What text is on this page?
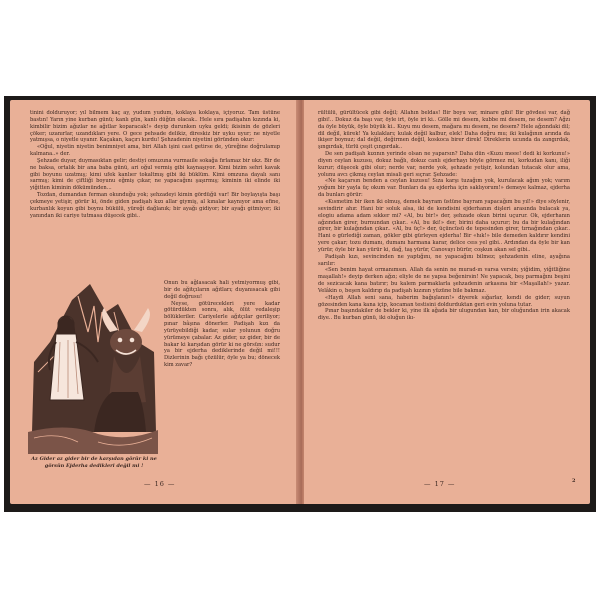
tinini dolduruyor; yıl bilmem kaç ay, yudum yudum, koklaya koklaya, içiyoruz. Tam üstüne bastın! Yarın yine kurban günü; kanlı gün, kanlı düğün olacak.. Hele sıra padişahın kızında ki, kimbilir bizim ağızlar ne ağıtlar koparacak!» deyip durunken uyku geldi; ikisinin de gözleri çöker; uzanırlar, uzandıkları yere. O gece pehsade delikiz, direskiz bir uyku uyur; ne niyetle yatmışsa, o niyetle uyanır. Kaçakan, kaçırı kurdu! Şehzadenin niyetini göründen okur:

«Oğul, niyetin niyetin benimniyet ama, biri Allah işini cast getirse de, yüreğine doğrulamıp kalmana..» der.

Şehzade duyar, duymasıktan gelir; destiyi omuzuna vurmaıile sokağa fırlamaz bir ukz. Bir de ne baksa, ortalık bir ana baba günü, ari oğul vermiş gibi kaynaşıyor. Kimi bizim sehri kavak gibi boyunu uzatmış; kimi ufek kanlıer tokaltmış gibi iki büklüm. Kimi omzuna dayalı sanı sarmış; kimi de çiftliği boyunu eğmiş çıkar, ne yapacağını şaşırmış; kiminin iki elinde iki yiğitten kiminin dökümünden...

Tozdan, dumandan ferman okunduğu yok; şehzadeyi kimin gördüğü var! Bir boylayışta başı çekmeye yetişir, görür ki, önde giden padişah kızı allar giymiş, al kınalar kaynıyor ama efine, kurbanlık koyun gibi boynu bükülü, yüreği dağlanık; bir ayağı gidiyor; bir ayağı gitmiyor; iki yanından iki cariye tutmasa düşecek gibi..

Az Gider az gider bir de karşıdan görür ki ne görsün Ejderha dedikleri değil mi !

Onun bu ağlasacak hali yetmiyormuş gibi, bir de ağitçıların ağıtları; duyanısacak gibi değil doğrusu!

Neyse, götürecekleri yere kadar götürdükten sonra, alık, ölüt vedaleşip bölükleriler. Cariyelerle ağıtçılar geriliyor; pınar bâşına dönerler. Padişah kızı da yürüyebildiği kadar, sular yolunun doğru yürümeye çabalar. Az gider, uz gider, bir de bakar ki karşıdan görür ki ne görsün: sudur ya bir ejderha dediklerinde değil mi!!! Dizlerinin bağı çözülür, öyle ya bu; dönecek kim zavar?

— 16 —

rültülü, gürültücek gibi değil; Allahın beldas! Bir boyu var, minare gibi! Bir gövdesi var, dağ gibi!.. Dokuz da başı var, öyle irt, öyle iri ki.. Gölle mi desem, kubbe mi desem, ne desem? Ağzı da öyle büyük, öyle büyük ki.. Kuyu mu desem, mağara mı desem, ne desem? Hele ağzındaki dil; dil değil, kürek! Ya kulakları; kulak değil kalbur, elek! Daha doğru mu; iki kulağının arında da ikişer boynuz; dal değil, değirmen değil, koskoca birer direk! Direklerin ucunda da zangırdak, şıngırdak, türlü çeşit çıngırdak..

De sen padişah kızının yerinde olsan ne yaparsın? Daha dün «Kuzu meee! dedi ki korkunu!» diyen ceylan kuzusu, dokuz bağlı, dokuz canlı ejderhayı böyle görmez mi, korkudan kanı, iliği kurur; düşecek gibi olur; nerde var, nerde yok, şehzade yetişir, kolundan tutacak olur ama, yolunu avcı çikmış ceylan misali geri sıçrar. Şehzade:

«Ne kaçarsın benden a ceylan kuzusu! Sıza karşı tuzağım yok, kurulacak ağım yok; varım yoğum bir yayla üç okum var. Bunları da şu ejderha için saklıyorum!» demeye kalmaz, ejderha da bunları görür:

«Kısmetim bir iken iki olmuş, demek bayram üstüne bayram yapacağım bu yıl!» diye söylenir, sevindirir ahır. Hani bir soluk alsa, iki de kendisini ejderhanın dişleri arasında bulacak ya, elogiu adama adam sıkker mi? «Al, bu bir!» der, şehzade okun birini uçurur. Ok, ejderhanın ağzından girer, burnundan çıkar.. «Al, bu iki!» der, birini daha uçurur; bu da bir kulağından girer, bir kulağından çıkar.. «Al, bu üç!» der, üçüncüsü de tepesinden girer, tırnağından çıkar.. Hani o gürlediği zaman, gökler gibi gürleyen ejderha! Bir «hık!» bile demeden kaldırır kendini yere çakar; tozu dumanı, dumanı harmana karar, delice ceıs yel gibi.. Ardından da öyle bir kan yürür, öyle bir kan yürür ki, dağ, taş yürür, Canovayı bürür, coşkun akan sel gibi..

Padişah kızı, sevincinden ne yaptığını, ne yapacağını bilmez; şehzadenin eline, ayağına sarılır:

«Sen benim hayat ormanımsın. Allah da senin ne murad-ın varsa versin; yiğidim, yiğitliğine maşallah!» deyip derken ağzı; eliyle de ne yapsa beğenirsin! Ne yapacak, beş parmağını beşini de sezicacak kana batırır; bu kalem parmaklarla şehzadenin arkasına bir «Maşallah!» yazar. Velâkin o, beşen kaldırıp da padişah kızının yüzüne bile bakmaz.

«Haydi Allah seni sana, haberim bağışlanın!» diyerek sığarlar, kendi de gider; suyun gözesinden kana kana içip, kocaman testisini doldurduktan geri evin yoluna tutar.

Pınar başındakiler de bekler ki, yine ilk ağada bir ulugundan kan, bir oluğundan irin akacak diye.. Bu kurban günü, iki oluğun ikı-

— 17 —	2
